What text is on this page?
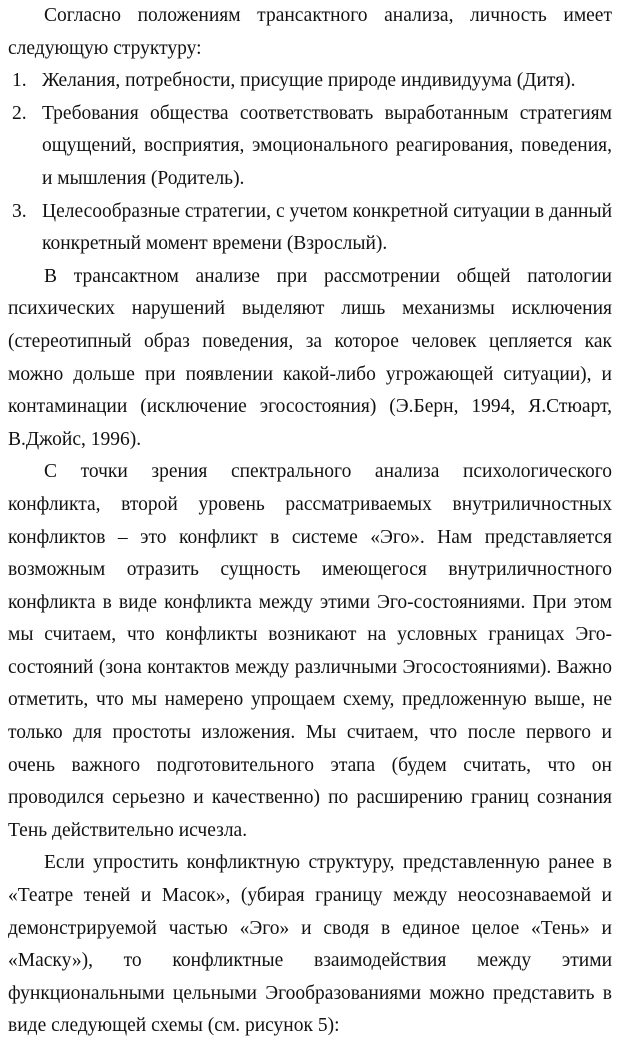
Согласно положениям трансактного анализа, личность имеет следующую структуру:

1. Желания, потребности, присущие природе индивидуума (Дитя).
2. Требования общества соответствовать выработанным стратегиям ощущений, восприятия, эмоционального реагирования, поведения, и мышления (Родитель).
3. Целесообразные стратегии, с учетом конкретной ситуации в данный конкретный момент времени (Взрослый).

В трансактном анализе при рассмотрении общей патологии психических нарушений выделяют лишь механизмы исключения (стереотипный образ поведения, за которое человек цепляется как можно дольше при появлении какой-либо угрожающей ситуации), и контаминации (исключение эгосостояния) (Э.Берн, 1994, Я.Стюарт, В.Джойс, 1996).

С точки зрения спектрального анализа психологического конфликта, второй уровень рассматриваемых внутриличностных конфликтов – это конфликт в системе «Эго». Нам представляется возможным отразить сущность имеющегося внутриличностного конфликта в виде конфликта между этими Эго-состояниями. При этом мы считаем, что конфликты возникают на условных границах Эго-состояний (зона контактов между различными Эгосостояниями). Важно отметить, что мы намерено упрощаем схему, предложенную выше, не только для простоты изложения. Мы считаем, что после первого и очень важного подготовительного этапа (будем считать, что он проводился серьезно и качественно) по расширению границ сознания Тень действительно исчезла.

Если упростить конфликтную структуру, представленную ранее в «Театре теней и Масок», (убирая границу между неосознаваемой и демонстрируемой частью «Эго» и сводя в единое целое «Тень» и «Маску»), то конфликтные взаимодействия между этими функциональными цельными Эгообразованиями можно представить в виде следующей схемы (см. рисунок 5):
